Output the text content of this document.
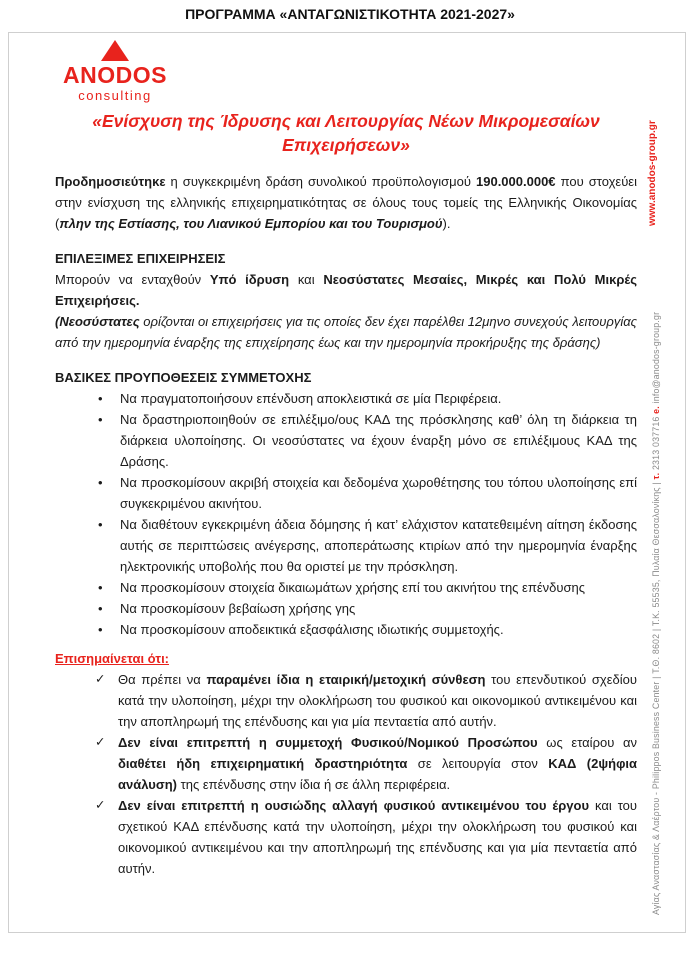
ΠΡΟΓΡΑΜΜΑ «ΑΝΤΑΓΩΝΙΣΤΙΚΟΤΗΤΑ 2021-2027»
ANODOS
consulting
«Ενίσχυση της Ίδρυσης και Λειτουργίας Νέων Μικρομεσαίων Επιχειρήσεων»

Προδημοσιεύτηκε η συγκεκριμένη δράση συνολικού προϋπολογισμού 190.000.000€ που στοχεύει στην ενίσχυση της ελληνικής επιχειρηματικότητας σε όλους τους τομείς της Ελληνικής Οικονομίας (πλην της Εστίασης, του Λιανικού Εμπορίου και του Τουρισμού).

ΕΠΙΛΕΞΙΜΕΣ ΕΠΙΧΕΙΡΗΣΕΙΣ

Μπορούν να ενταχθούν Υπό ίδρυση και Νεοσύστατες Μεσαίες, Μικρές και Πολύ Μικρές Επιχειρήσεις.

(Νεοσύστατες ορίζονται οι επιχειρήσεις για τις οποίες δεν έχει παρέλθει 12μηνο συνεχούς λειτουργίας από την ημερομηνία έναρξης της επιχείρησης έως και την ημερομηνία προκήρυξης της δράσης)

ΒΑΣΙΚΕΣ ΠΡΟΥΠΟΘΕΣΕΙΣ ΣΥΜΜΕΤΟΧΗΣ
• Να πραγματοποιήσουν επένδυση αποκλειστικά σε μία Περιφέρεια.
• Να δραστηριοποιηθούν σε επιλέξιμο/ους ΚΑΔ της πρόσκλησης καθ’ όλη τη διάρκεια τη διάρκεια υλοποίησης. Οι νεοσύστατες να έχουν έναρξη μόνο σε επιλέξιμους ΚΑΔ της Δράσης.
• Να προσκομίσουν ακριβή στοιχεία και δεδομένα χωροθέτησης του τόπου υλοποίησης επί συγκεκριμένου ακινήτου.
• Να διαθέτουν εγκεκριμένη άδεια δόμησης ή κατ’ ελάχιστον κατατεθειμένη αίτηση έκδοσης αυτής σε περιπτώσεις ανέγερσης, αποπεράτωσης κτιρίων από την ημερομηνία έναρξης ηλεκτρονικής υποβολής που θα οριστεί με την πρόσκληση.
• Να προσκομίσουν στοιχεία δικαιωμάτων χρήσης επί του ακινήτου της επένδυσης
• Να προσκομίσουν βεβαίωση χρήσης γης
• Να προσκομίσουν αποδεικτικά εξασφάλισης ιδιωτικής συμμετοχής.
Επισημαίνεται ότι:
✓ Θα πρέπει να παραμένει ίδια η εταιρική/μετοχική σύνθεση του επενδυτικού σχεδίου κατά την υλοποίηση, μέχρι την ολοκλήρωση του φυσικού και οικονομικού αντικειμένου και την αποπληρωμή της επένδυσης και για μία πενταετία από αυτήν.
✓ Δεν είναι επιτρεπτή η συμμετοχή Φυσικού/Νομικού Προσώπου ως εταίρου αν διαθέτει ήδη επιχειρηματική δραστηριότητα σε λειτουργία στον ΚΑΔ (2ψήφια ανάλυση) της επένδυσης στην ίδια ή σε άλλη περιφέρεια.
✓ Δεν είναι επιτρεπτή η ουσιώδης αλλαγή φυσικού αντικειμένου του έργου και του σχετικού ΚΑΔ επένδυσης κατά την υλοποίηση, μέχρι την ολοκλήρωση του φυσικού και οικονομικού αντικειμένου και την αποπληρωμή της επένδυσης και για μία πενταετία από αυτήν.
www.anodos-group.gr
Αγίας Αναστασίας & Λαέρτου - Philippos Business Center | Τ.Θ. 8602 | Τ.Κ. 55535, Πυλαία Θεσσαλονίκης | τ. 2313 037716 e. info@anodos-group.gr
